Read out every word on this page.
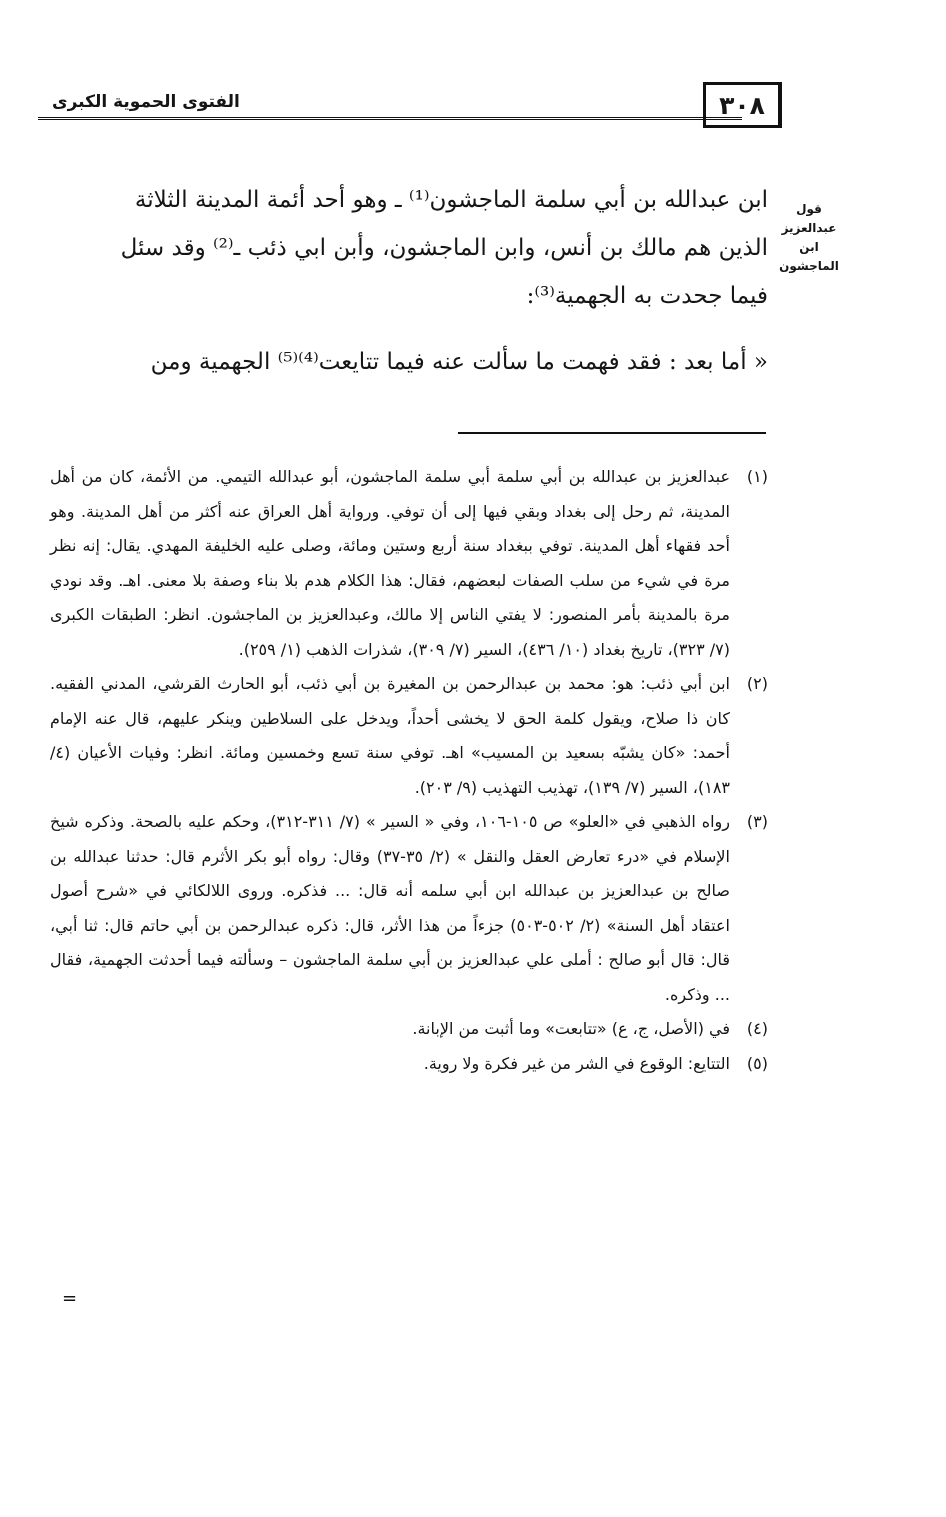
الفتوى الحموية الكبرى	٣٠٨
قول عبدالعزيز ابن الماجشون
ابن عبدالله بن أبي سلمة الماجشون⁽¹⁾ ـ وهو أحد أئمة المدينة الثلاثة
الذين هم مالك بن أنس، وابن الماجشون، وأبن ابي ذئب ـ⁽²⁾ وقد سئل
فيما جحدت به الجهمية⁽³⁾:
« أما بعد : فقد فهمت ما سألت عنه فيما تتايعت⁽⁴⁾⁽⁵⁾ الجهمية ومن
(١)
عبدالعزيز بن عبدالله بن أبي سلمة أبي سلمة الماجشون، أبو عبدالله التيمي. من الأئمة، كان من أهل المدينة، ثم رحل إلى بغداد وبقي فيها إلى أن توفي. ورواية أهل العراق عنه أكثر من أهل المدينة. وهو أحد فقهاء أهل المدينة. توفي ببغداد سنة أربع وستين ومائة، وصلى عليه الخليفة المهدي. يقال: إنه نظر مرة في شيء من سلب الصفات لبعضهم، فقال: هذا الكلام هدم بلا بناء وصفة بلا معنى. اهـ. وقد نودي مرة بالمدينة بأمر المنصور: لا يفتي الناس إلا مالك، وعبدالعزيز بن الماجشون. انظر: الطبقات الكبرى (٧/ ٣٢٣)، تاريخ بغداد (١٠/ ٤٣٦)، السير (٧/ ٣٠٩)، شذرات الذهب (١/ ٢٥٩).
(٢)
ابن أبي ذئب: هو: محمد بن عبدالرحمن بن المغيرة بن أبي ذئب، أبو الحارث القرشي، المدني الفقيه. كان ذا صلاح، ويقول كلمة الحق لا يخشى أحداً، ويدخل على السلاطين وينكر عليهم، قال عنه الإمام أحمد: «كان يشبّه بسعيد بن المسيب» اهـ. توفي سنة تسع وخمسين ومائة. انظر: وفيات الأعيان (٤/ ١٨٣)، السير (٧/ ١٣٩)، تهذيب التهذيب (٩/ ٢٠٣).
(٣)
رواه الذهبي في «العلو» ص ١٠٥-١٠٦، وفي « السير » (٧/ ٣١١-٣١٢)، وحكم عليه بالصحة. وذكره شيخ الإسلام في «درء تعارض العقل والنقل » (٢/ ٣٥-٣٧) وقال: رواه أبو بكر الأثرم قال: حدثنا عبدالله بن صالح بن عبدالعزيز بن عبدالله ابن أبي سلمه أنه قال: ... فذكره. وروى اللالكائي في «شرح أصول اعتقاد أهل السنة» (٢/ ٥٠٢-٥٠٣) جزءاً من هذا الأثر، قال: ذكره عبدالرحمن بن أبي حاتم قال: ثنا أبي، قال: قال أبو صالح : أملى علي عبدالعزيز بن أبي سلمة الماجشون – وسألته فيما أحدثت الجهمية، فقال ... وذكره.
(٤)
في (الأصل، ج، ع) «تتابعت» وما أثبت من الإبانة.
(٥)
التتايع: الوقوع في الشر من غير فكرة ولا روية.
=
